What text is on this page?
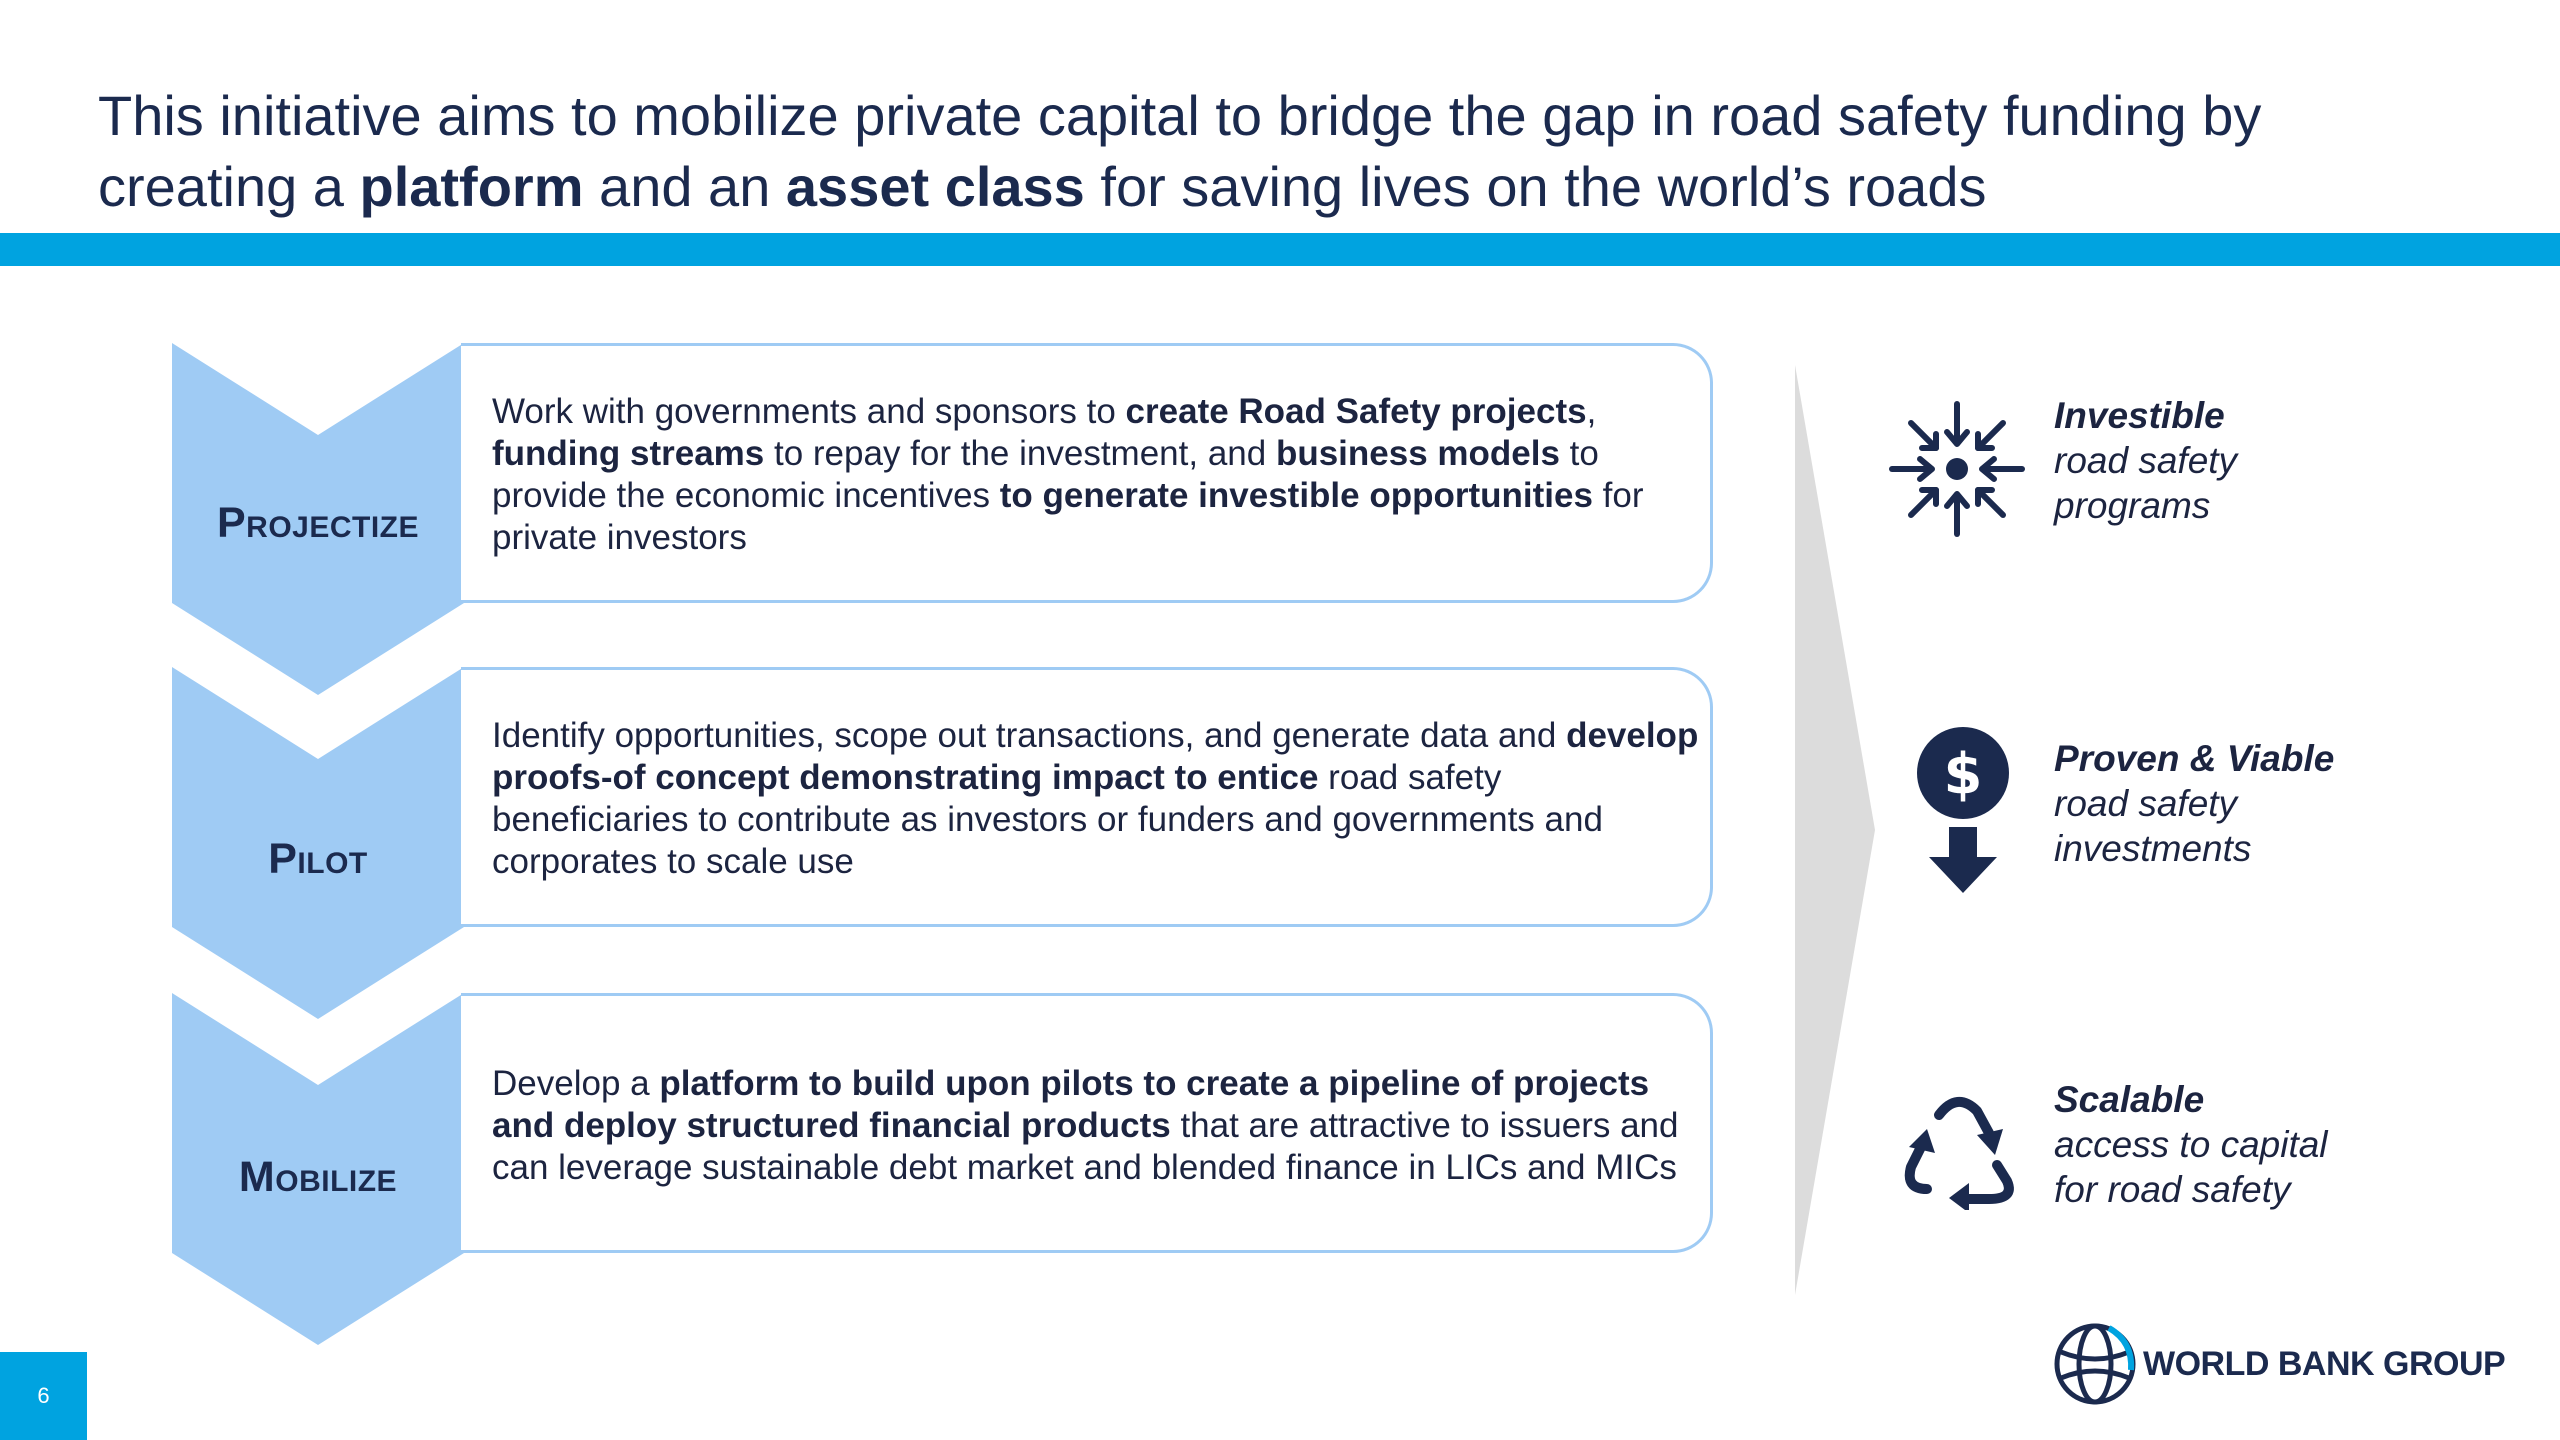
This initiative aims to mobilize private capital to bridge the gap in road safety funding by
creating a platform and an asset class for saving lives on the world’s roads
Projectize
Work with governments and sponsors to create Road Safety projects,
funding streams to repay for the investment, and business models to provide the economic incentives to generate investible opportunities for private investors
Pilot
Identify opportunities, scope out transactions, and generate data and develop proofs-of concept demonstrating impact to entice road safety beneficiaries to contribute as investors or funders and governments and corporates to scale use
Mobilize
Develop a platform to build upon pilots to create a pipeline of projects and deploy structured financial products that are attractive to issuers and can leverage sustainable debt market and blended finance in LICs and MICs
Investible
road safety
programs
$ Proven & Viable
road safety
investments
Scalable
access to capital
for road safety
6
WORLD BANK GROUP
